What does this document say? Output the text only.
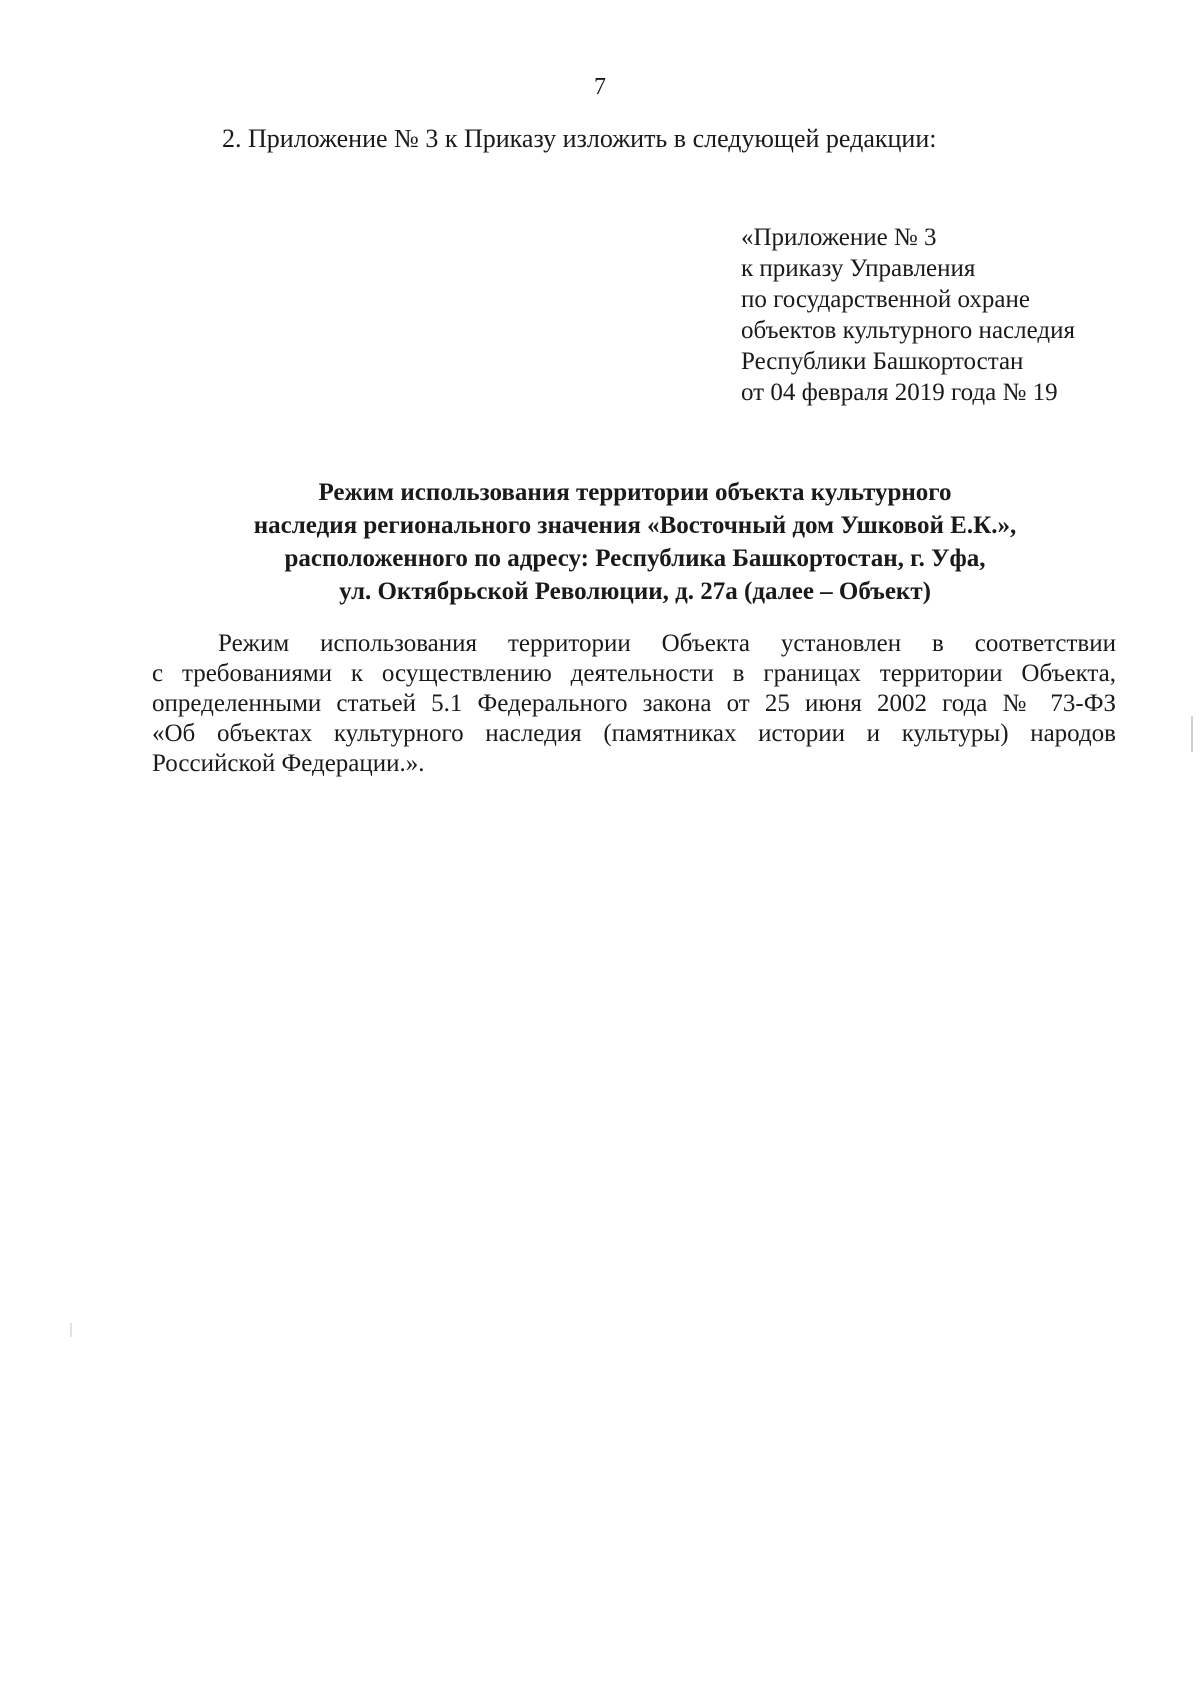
7
2. Приложение № 3 к Приказу изложить в следующей редакции:
«Приложение № 3
к приказу Управления
по государственной охране
объектов культурного наследия
Республики Башкортостан
от 04 февраля 2019 года № 19
Режим использования территории объекта культурного
наследия регионального значения «Восточный дом Ушковой Е.К.»,
расположенного по адресу: Республика Башкортостан, г. Уфа,
ул. Октябрьской Революции, д. 27а (далее – Объект)
Режим использования территории Объекта установлен в соответствии
с требованиями к осуществлению деятельности в границах территории Объекта,
определенными статьей 5.1 Федерального закона от 25 июня 2002 года № 73-ФЗ
«Об объектах культурного наследия (памятниках истории и культуры) народов
Российской Федерации.».
